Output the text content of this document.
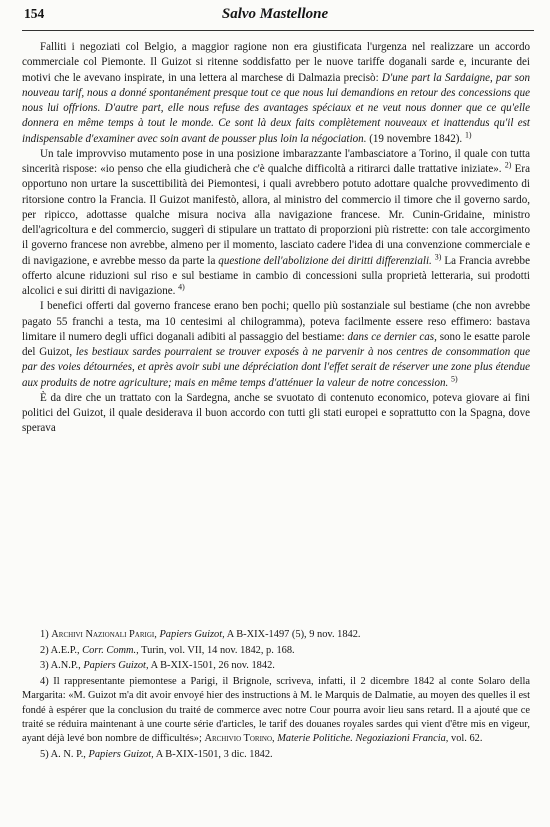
154	Salvo Mastellone

Falliti i negoziati col Belgio, a maggior ragione non era giustificata l'urgenza nel realizzare un accordo commerciale col Piemonte. Il Guizot si ritenne soddisfatto per le nuove tariffe doganali sarde e, incurante dei motivi che le avevano inspirate, in una lettera al marchese di Dalmazia precisò: D'une part la Sardaigne, par son nouveau tarif, nous a donné spontanément presque tout ce que nous lui demandions en retour des concessions que nous lui offrions. D'autre part, elle nous refuse des avantages spéciaux et ne veut nous donner que ce qu'elle donnera en même temps à tout le monde. Ce sont là deux faits complètement nouveaux et inattendus qu'il est indispensable d'examiner avec soin avant de pousser plus loin la négociation. (19 novembre 1842). $^{1)}$

Un tale improvviso mutamento pose in una posizione imbarazzante l'ambasciatore a Torino, il quale con tutta sincerità rispose: «io penso che ella giudicherà che c'è qualche difficoltà a ritirarci dalle trattative iniziate». $^{2)}$ Era opportuno non urtare la suscettibilità dei Piemontesi, i quali avrebbero potuto adottare qualche provvedimento di ritorsione contro la Francia. Il Guizot manifestò, allora, al ministro del commercio il timore che il governo sardo, per ripicco, adottasse qualche misura nociva alla navigazione francese. Mr. Cunin-Gridaine, ministro dell'agricoltura e del commercio, suggerì di stipulare un trattato di proporzioni più ristrette: con tale accorgimento il governo francese non avrebbe, almeno per il momento, lasciato cadere l'idea di una convenzione commerciale e di navigazione, e avrebbe messo da parte la questione dell'abolizione dei diritti differenziali. $^{3)}$ La Francia avrebbe offerto alcune riduzioni sul riso e sul bestiame in cambio di concessioni sulla proprietà letteraria, sui prodotti alcolici e sui diritti di navigazione. $^{4)}$

I benefici offerti dal governo francese erano ben pochi; quello più sostanziale sul bestiame (che non avrebbe pagato 55 franchi a testa, ma 10 centesimi al chilogramma), poteva facilmente essere reso effimero: bastava limitare il numero degli uffici doganali adibiti al passaggio del bestiame: dans ce dernier cas, sono le esatte parole del Guizot, les bestiaux sardes pourraient se trouver exposés à ne parvenir à nos centres de consommation que par des voies détournées, et après avoir subi une dépréciation dont l'effet serait de réserver une zone plus étendue aux produits de notre agriculture; mais en même temps d'atténuer la valeur de notre concession. $^{5)}$

È da dire che un trattato con la Sardegna, anche se svuotato di contenuto economico, poteva giovare ai fini politici del Guizot, il quale desiderava il buon accordo con tutti gli stati europei e soprattutto con la Spagna, dove sperava

1) Archivi Nazionali Parigi, Papiers Guizot, A B-XIX-1497 (5), 9 nov. 1842.

2) A.E.P., Corr. Comm., Turin, vol. VII, 14 nov. 1842, p. 168.

3) A.N.P., Papiers Guizot, A B-XIX-1501, 26 nov. 1842.

4) Il rappresentante piemontese a Parigi, il Brignole, scriveva, infatti, il 2 dicembre 1842 al conte Solaro della Margarita: «M. Guizot m'a dit avoir envoyé hier des instructions à M. le Marquis de Dalmatie, au moyen des quelles il est fondé à espérer que la conclusion du traité de commerce avec notre Cour pourra avoir lieu sans retard. Il a ajouté que ce traité se réduira maintenant à une courte série d'articles, le tarif des douanes royales sardes qui vient d'être mis en vigeur, ayant déjà levé bon nombre de difficultés»; Archivio Torino, Materie Politiche. Negoziazioni Francia, vol. 62.

5) A. N. P., Papiers Guizot, A B-XIX-1501, 3 dic. 1842.
